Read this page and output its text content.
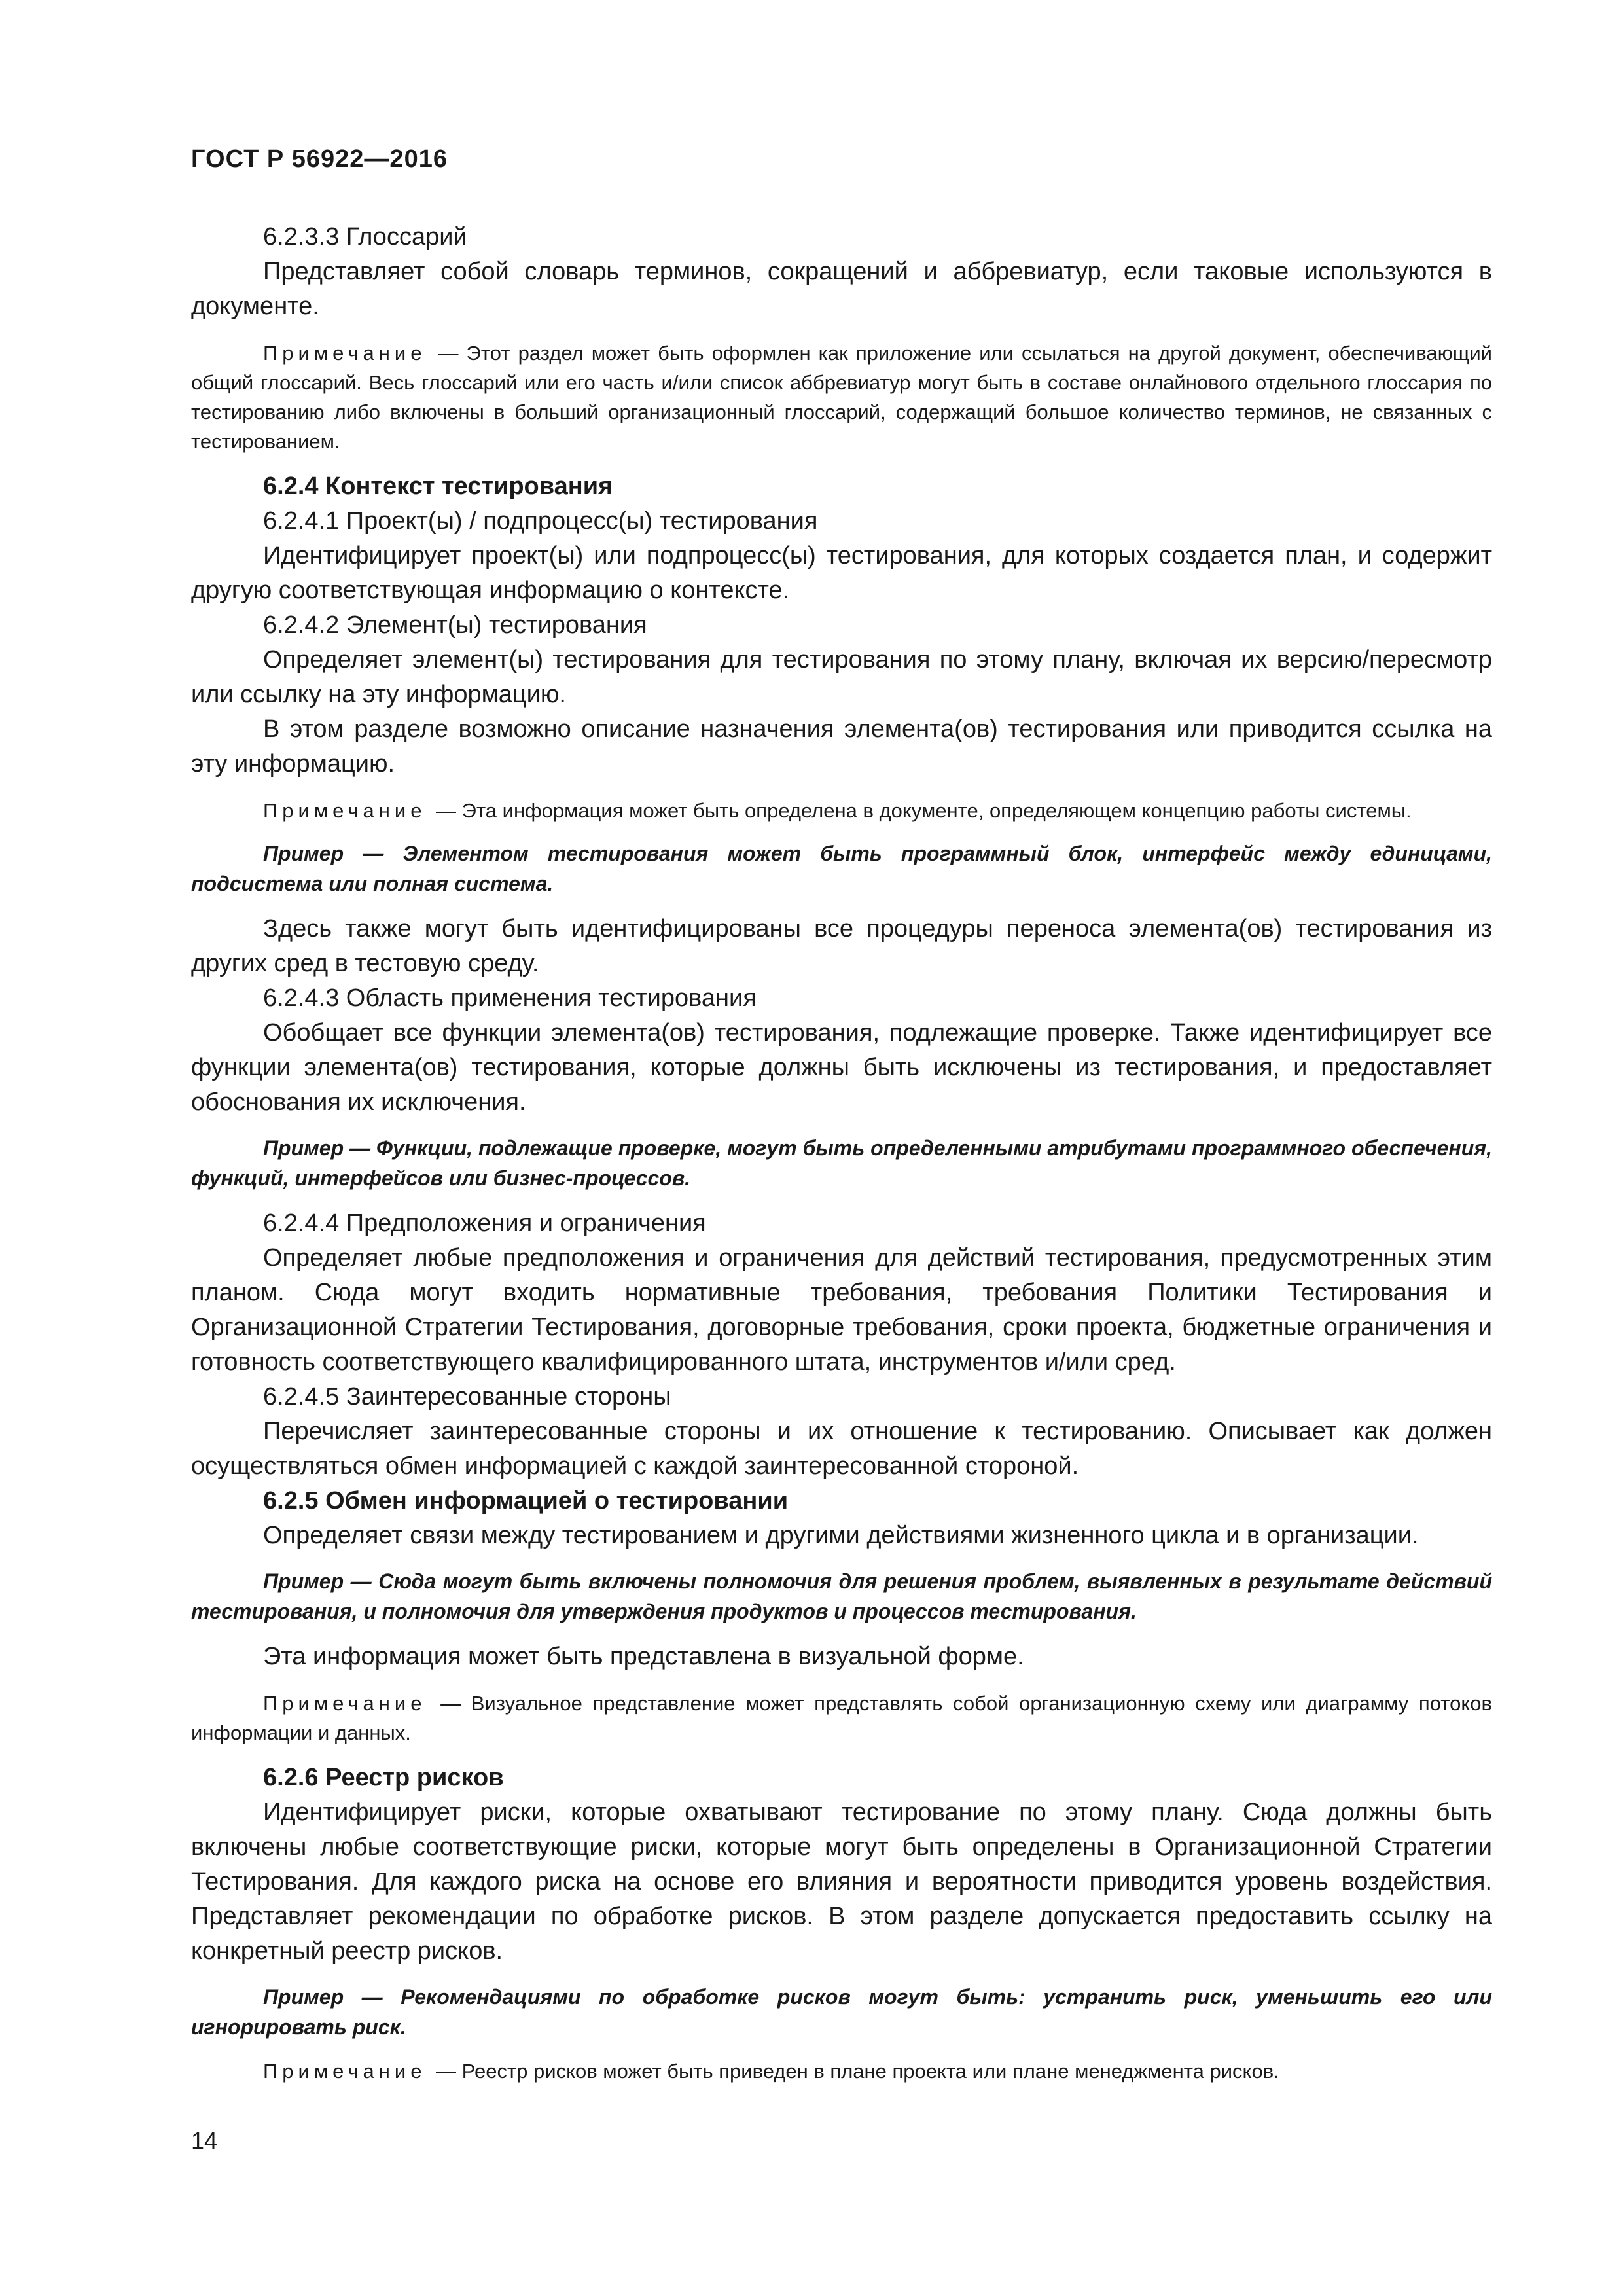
ГОСТ Р 56922—2016

6.2.3.3 Глоссарий

Представляет собой словарь терминов, сокращений и аббревиатур, если таковые используются в документе.

Примечание — Этот раздел может быть оформлен как приложение или ссылаться на другой документ, обеспечивающий общий глоссарий. Весь глоссарий или его часть и/или список аббревиатур могут быть в составе онлайнового отдельного глоссария по тестированию либо включены в больший организационный глоссарий, содержащий большое количество терминов, не связанных с тестированием.

6.2.4 Контекст тестирования

6.2.4.1 Проект(ы) / подпроцесс(ы) тестирования

Идентифицирует проект(ы) или подпроцесс(ы) тестирования, для которых создается план, и содержит другую соответствующая информацию о контексте.

6.2.4.2 Элемент(ы) тестирования

Определяет элемент(ы) тестирования для тестирования по этому плану, включая их версию/пересмотр или ссылку на эту информацию.

В этом разделе возможно описание назначения элемента(ов) тестирования или приводится ссылка на эту информацию.

Примечание — Эта информация может быть определена в документе, определяющем концепцию работы системы.

Пример — Элементом тестирования может быть программный блок, интерфейс между единицами, подсистема или полная система.

Здесь также могут быть идентифицированы все процедуры переноса элемента(ов) тестирования из других сред в тестовую среду.

6.2.4.3 Область применения тестирования

Обобщает все функции элемента(ов) тестирования, подлежащие проверке. Также идентифицирует все функции элемента(ов) тестирования, которые должны быть исключены из тестирования, и предоставляет обоснования их исключения.

Пример — Функции, подлежащие проверке, могут быть определенными атрибутами программного обеспечения, функций, интерфейсов или бизнес-процессов.

6.2.4.4 Предположения и ограничения

Определяет любые предположения и ограничения для действий тестирования, предусмотренных этим планом. Сюда могут входить нормативные требования, требования Политики Тестирования и Организационной Стратегии Тестирования, договорные требования, сроки проекта, бюджетные ограничения и готовность соответствующего квалифицированного штата, инструментов и/или сред.

6.2.4.5 Заинтересованные стороны

Перечисляет заинтересованные стороны и их отношение к тестированию. Описывает как должен осуществляться обмен информацией с каждой заинтересованной стороной.

6.2.5 Обмен информацией о тестировании

Определяет связи между тестированием и другими действиями жизненного цикла и в организации.

Пример — Сюда могут быть включены полномочия для решения проблем, выявленных в результате действий тестирования, и полномочия для утверждения продуктов и процессов тестирования.

Эта информация может быть представлена в визуальной форме.

Примечание — Визуальное представление может представлять собой организационную схему или диаграмму потоков информации и данных.

6.2.6 Реестр рисков

Идентифицирует риски, которые охватывают тестирование по этому плану. Сюда должны быть включены любые соответствующие риски, которые могут быть определены в Организационной Стратегии Тестирования. Для каждого риска на основе его влияния и вероятности приводится уровень воздействия. Представляет рекомендации по обработке рисков. В этом разделе допускается предоставить ссылку на конкретный реестр рисков.

Пример — Рекомендациями по обработке рисков могут быть: устранить риск, уменьшить его или игнорировать риск.

Примечание — Реестр рисков может быть приведен в плане проекта или плане менеджмента рисков.

14
